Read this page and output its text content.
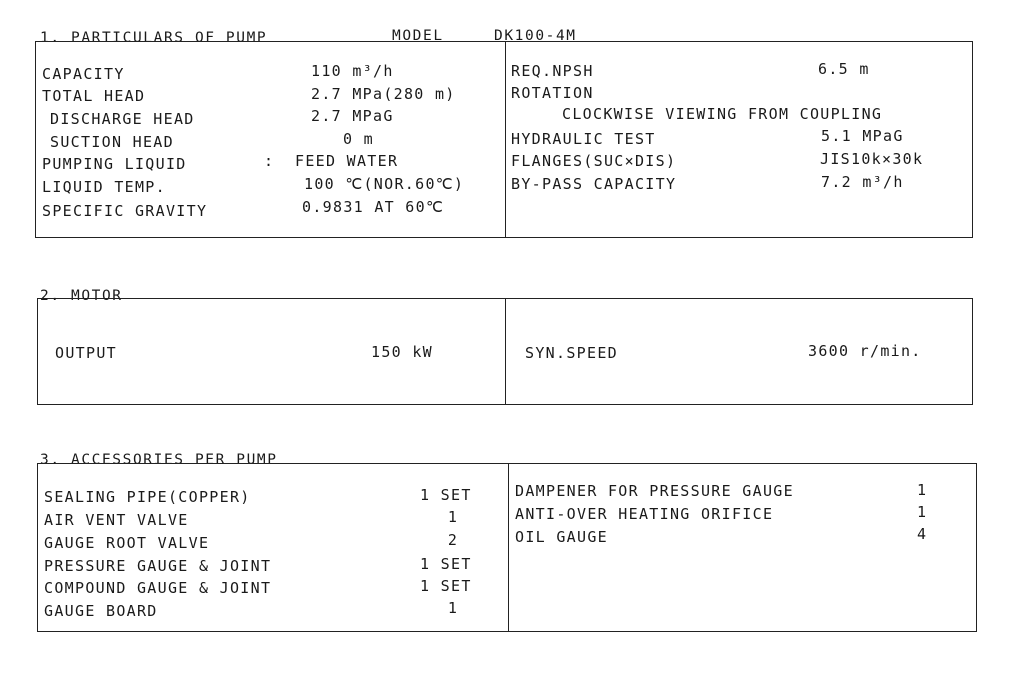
1. PARTICULARS OF PUMP	MODEL	DK100-4M
CAPACITY	110 m³/h
TOTAL HEAD	2.7 MPa(280 m)
DISCHARGE HEAD	2.7 MPaG
SUCTION HEAD	0 m
PUMPING LIQUID	:  FEED WATER
LIQUID TEMP.	100 ℃(NOR.60℃)
SPECIFIC GRAVITY	0.9831 AT 60℃
REQ.NPSH	6.5 m
ROTATION
CLOCKWISE VIEWING FROM COUPLING
HYDRAULIC TEST	5.1 MPaG
FLANGES(SUC×DIS)	JIS10k×30k
BY-PASS CAPACITY	7.2 m³/h
2. MOTOR
OUTPUT	150 kW	SYN.SPEED	3600 r/min.
3. ACCESSORIES PER PUMP
SEALING PIPE(COPPER)	1 SET
AIR VENT VALVE	1
GAUGE ROOT VALVE	2
PRESSURE GAUGE & JOINT	1 SET
COMPOUND GAUGE & JOINT	1 SET
GAUGE BOARD	1
DAMPENER FOR PRESSURE GAUGE	1
ANTI-OVER HEATING ORIFICE	1
OIL GAUGE	4
